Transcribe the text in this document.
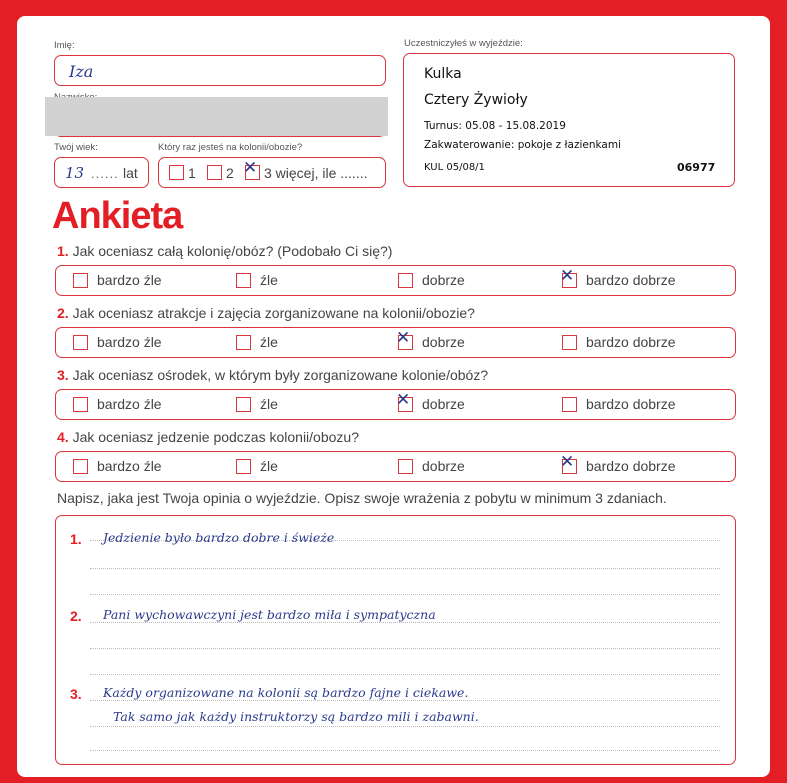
Imię:
Iza
Twój wiek:
13 ...... lat
Który raz jesteś na kolonii/obozie?
1 2 ✕ 3 więcej, ile .......
Uczestniczyłeś w wyjeździe:
Kulka
Cztery Żywioły
Turnus: 05.08 - 15.08.2019
Zakwaterowanie: pokoje z łazienkami
KUL 05/08/1	06977
Ankieta
1. Jak oceniasz całą kolonię/obóz? (Podobało Ci się?)
bardzo źle	źle	dobrze	✕ bardzo dobrze
2. Jak oceniasz atrakcje i zajęcia zorganizowane na kolonii/obozie?
bardzo źle	źle	✕ dobrze	bardzo dobrze
3. Jak oceniasz ośrodek, w którym były zorganizowane kolonie/obóz?
bardzo źle	źle	✕ dobrze	bardzo dobrze
4. Jak oceniasz jedzenie podczas kolonii/obozu?
bardzo źle	źle	dobrze	✕ bardzo dobrze
Napisz, jaka jest Twoja opinia o wyjeździe. Opisz swoje wrażenia z pobytu w minimum 3 zdaniach.
1. Jedzienie było bardzo dobre i świeże
2. Pani wychowawczyni jest bardzo miła i sympatyczna
3. Każdy organizowane na kolonii są bardzo fajne i ciekawe.
Tak samo jak każdy instruktorzy są bardzo mili i zabawni.
